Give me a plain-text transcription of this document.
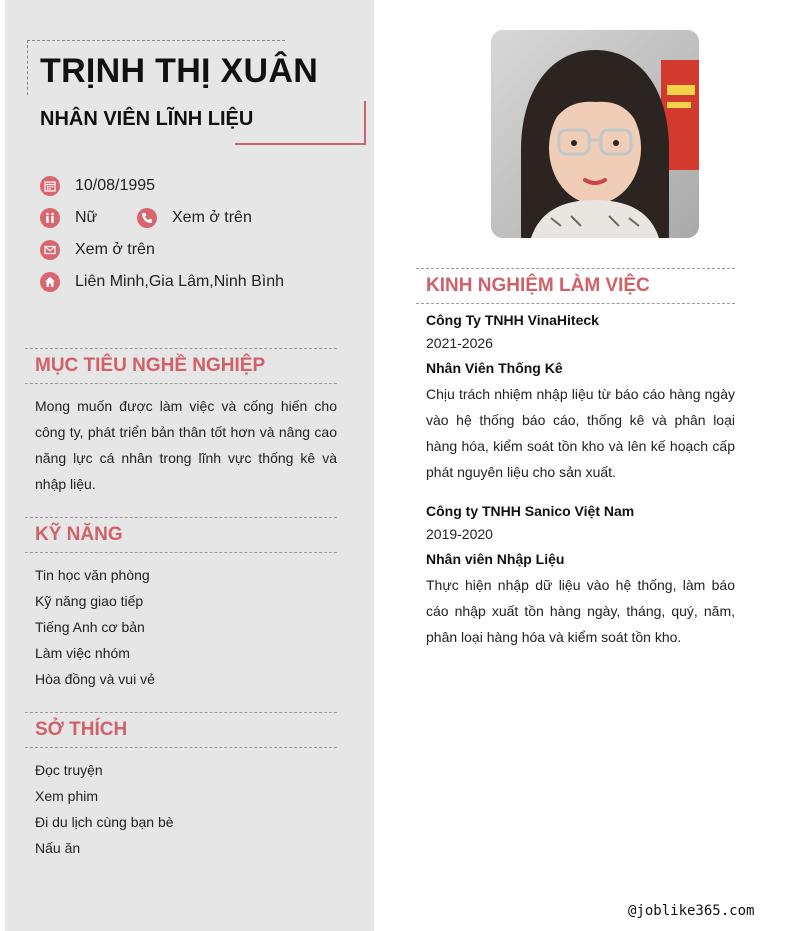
TRỊNH THỊ XUÂN
NHÂN VIÊN LĨNH LIỆU
10/08/1995
Nữ	Xem ở trên
Xem ở trên
Liên Minh,Gia Lâm,Ninh Bình
MỤC TIÊU NGHỀ NGHIỆP

Mong muốn được làm việc và cống hiến cho công ty, phát triển bản thân tốt hơn và nâng cao năng lực cá nhân trong lĩnh vực thống kê và nhập liệu.

KỸ NĂNG
Tin học văn phòng
Kỹ năng giao tiếp
Tiếng Anh cơ bản
Làm việc nhóm
Hòa đồng và vui vẻ
SỞ THÍCH
Đọc truyện
Xem phim
Đi du lịch cùng bạn bè
Nấu ăn
KINH NGHIỆM LÀM VIỆC
Công Ty TNHH VinaHiteck
2021-2026
Nhân Viên Thống Kê

Chịu trách nhiệm nhập liệu từ báo cáo hàng ngày vào hệ thống báo cáo, thống kê và phân loại hàng hóa, kiểm soát tồn kho và lên kế hoạch cấp phát nguyên liệu cho sản xuất.

Công ty TNHH Sanico Việt Nam
2019-2020
Nhân viên Nhập Liệu

Thực hiện nhập dữ liệu vào hệ thống, làm báo cáo nhập xuất tồn hàng ngày, tháng, quý, năm, phân loại hàng hóa và kiểm soát tồn kho.

@joblike365.com
